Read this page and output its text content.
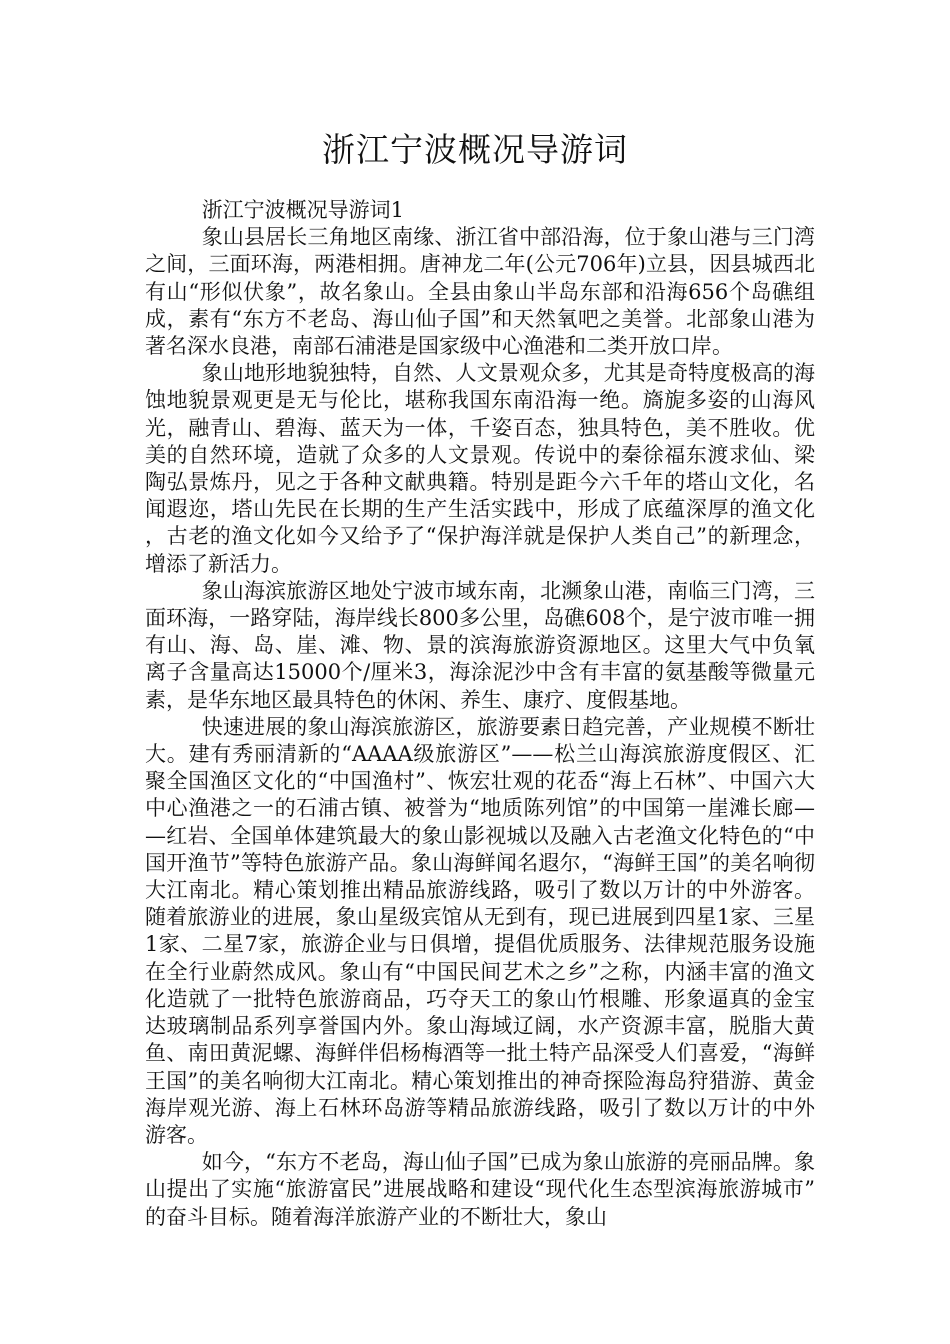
浙江宁波概况导游词

浙江宁波概况导游词1

象山县居长三角地区南缘、浙江省中部沿海，位于象山港与三门湾之间，三面环海，两港相拥。唐神龙二年(公元706年)立县，因县城西北有山“形似伏象”，故名象山。全县由象山半岛东部和沿海656个岛礁组成，素有“东方不老岛、海山仙子国”和天然氧吧之美誉。北部象山港为著名深水良港，南部石浦港是国家级中心渔港和二类开放口岸。

象山地形地貌独特，自然、人文景观众多，尤其是奇特度极高的海蚀地貌景观更是无与伦比，堪称我国东南沿海一绝。旖旎多姿的山海风光，融青山、碧海、蓝天为一体，千姿百态，独具特色，美不胜收。优美的自然环境，造就了众多的人文景观。传说中的秦徐福东渡求仙、梁陶弘景炼丹，见之于各种文献典籍。特别是距今六千年的塔山文化，名闻遐迩，塔山先民在长期的生产生活实践中，形成了底蕴深厚的渔文化，古老的渔文化如今又给予了“保护海洋就是保护人类自己”的新理念，增添了新活力。

象山海滨旅游区地处宁波市域东南，北濒象山港，南临三门湾，三面环海，一路穿陆，海岸线长800多公里，岛礁608个，是宁波市唯一拥有山、海、岛、崖、滩、物、景的滨海旅游资源地区。这里大气中负氧离子含量高达15000个/厘米3，海涂泥沙中含有丰富的氨基酸等微量元素，是华东地区最具特色的休闲、养生、康疗、度假基地。

快速进展的象山海滨旅游区，旅游要素日趋完善，产业规模不断壮大。建有秀丽清新的“AAAA级旅游区”——松兰山海滨旅游度假区、汇聚全国渔区文化的“中国渔村”、恢宏壮观的花岙“海上石林”、中国六大中心渔港之一的石浦古镇、被誉为“地质陈列馆”的中国第一崖滩长廊——红岩、全国单体建筑最大的象山影视城以及融入古老渔文化特色的“中国开渔节”等特色旅游产品。象山海鲜闻名遐尔，“海鲜王国”的美名响彻大江南北。精心策划推出精品旅游线路，吸引了数以万计的中外游客。随着旅游业的进展，象山星级宾馆从无到有，现已进展到四星1家、三星1家、二星7家，旅游企业与日俱增，提倡优质服务、法律规范服务设施在全行业蔚然成风。象山有“中国民间艺术之乡”之称，内涵丰富的渔文化造就了一批特色旅游商品，巧夺天工的象山竹根雕、形象逼真的金宝达玻璃制品系列享誉国内外。象山海域辽阔，水产资源丰富，脱脂大黄鱼、南田黄泥螺、海鲜伴侣杨梅酒等一批土特产品深受人们喜爱，“海鲜王国”的美名响彻大江南北。精心策划推出的神奇探险海岛狩猎游、黄金海岸观光游、海上石林环岛游等精品旅游线路，吸引了数以万计的中外游客。

如今，“东方不老岛，海山仙子国”已成为象山旅游的亮丽品牌。象山提出了实施“旅游富民”进展战略和建设“现代化生态型滨海旅游城市”的奋斗目标。随着海洋旅游产业的不断壮大，象山
